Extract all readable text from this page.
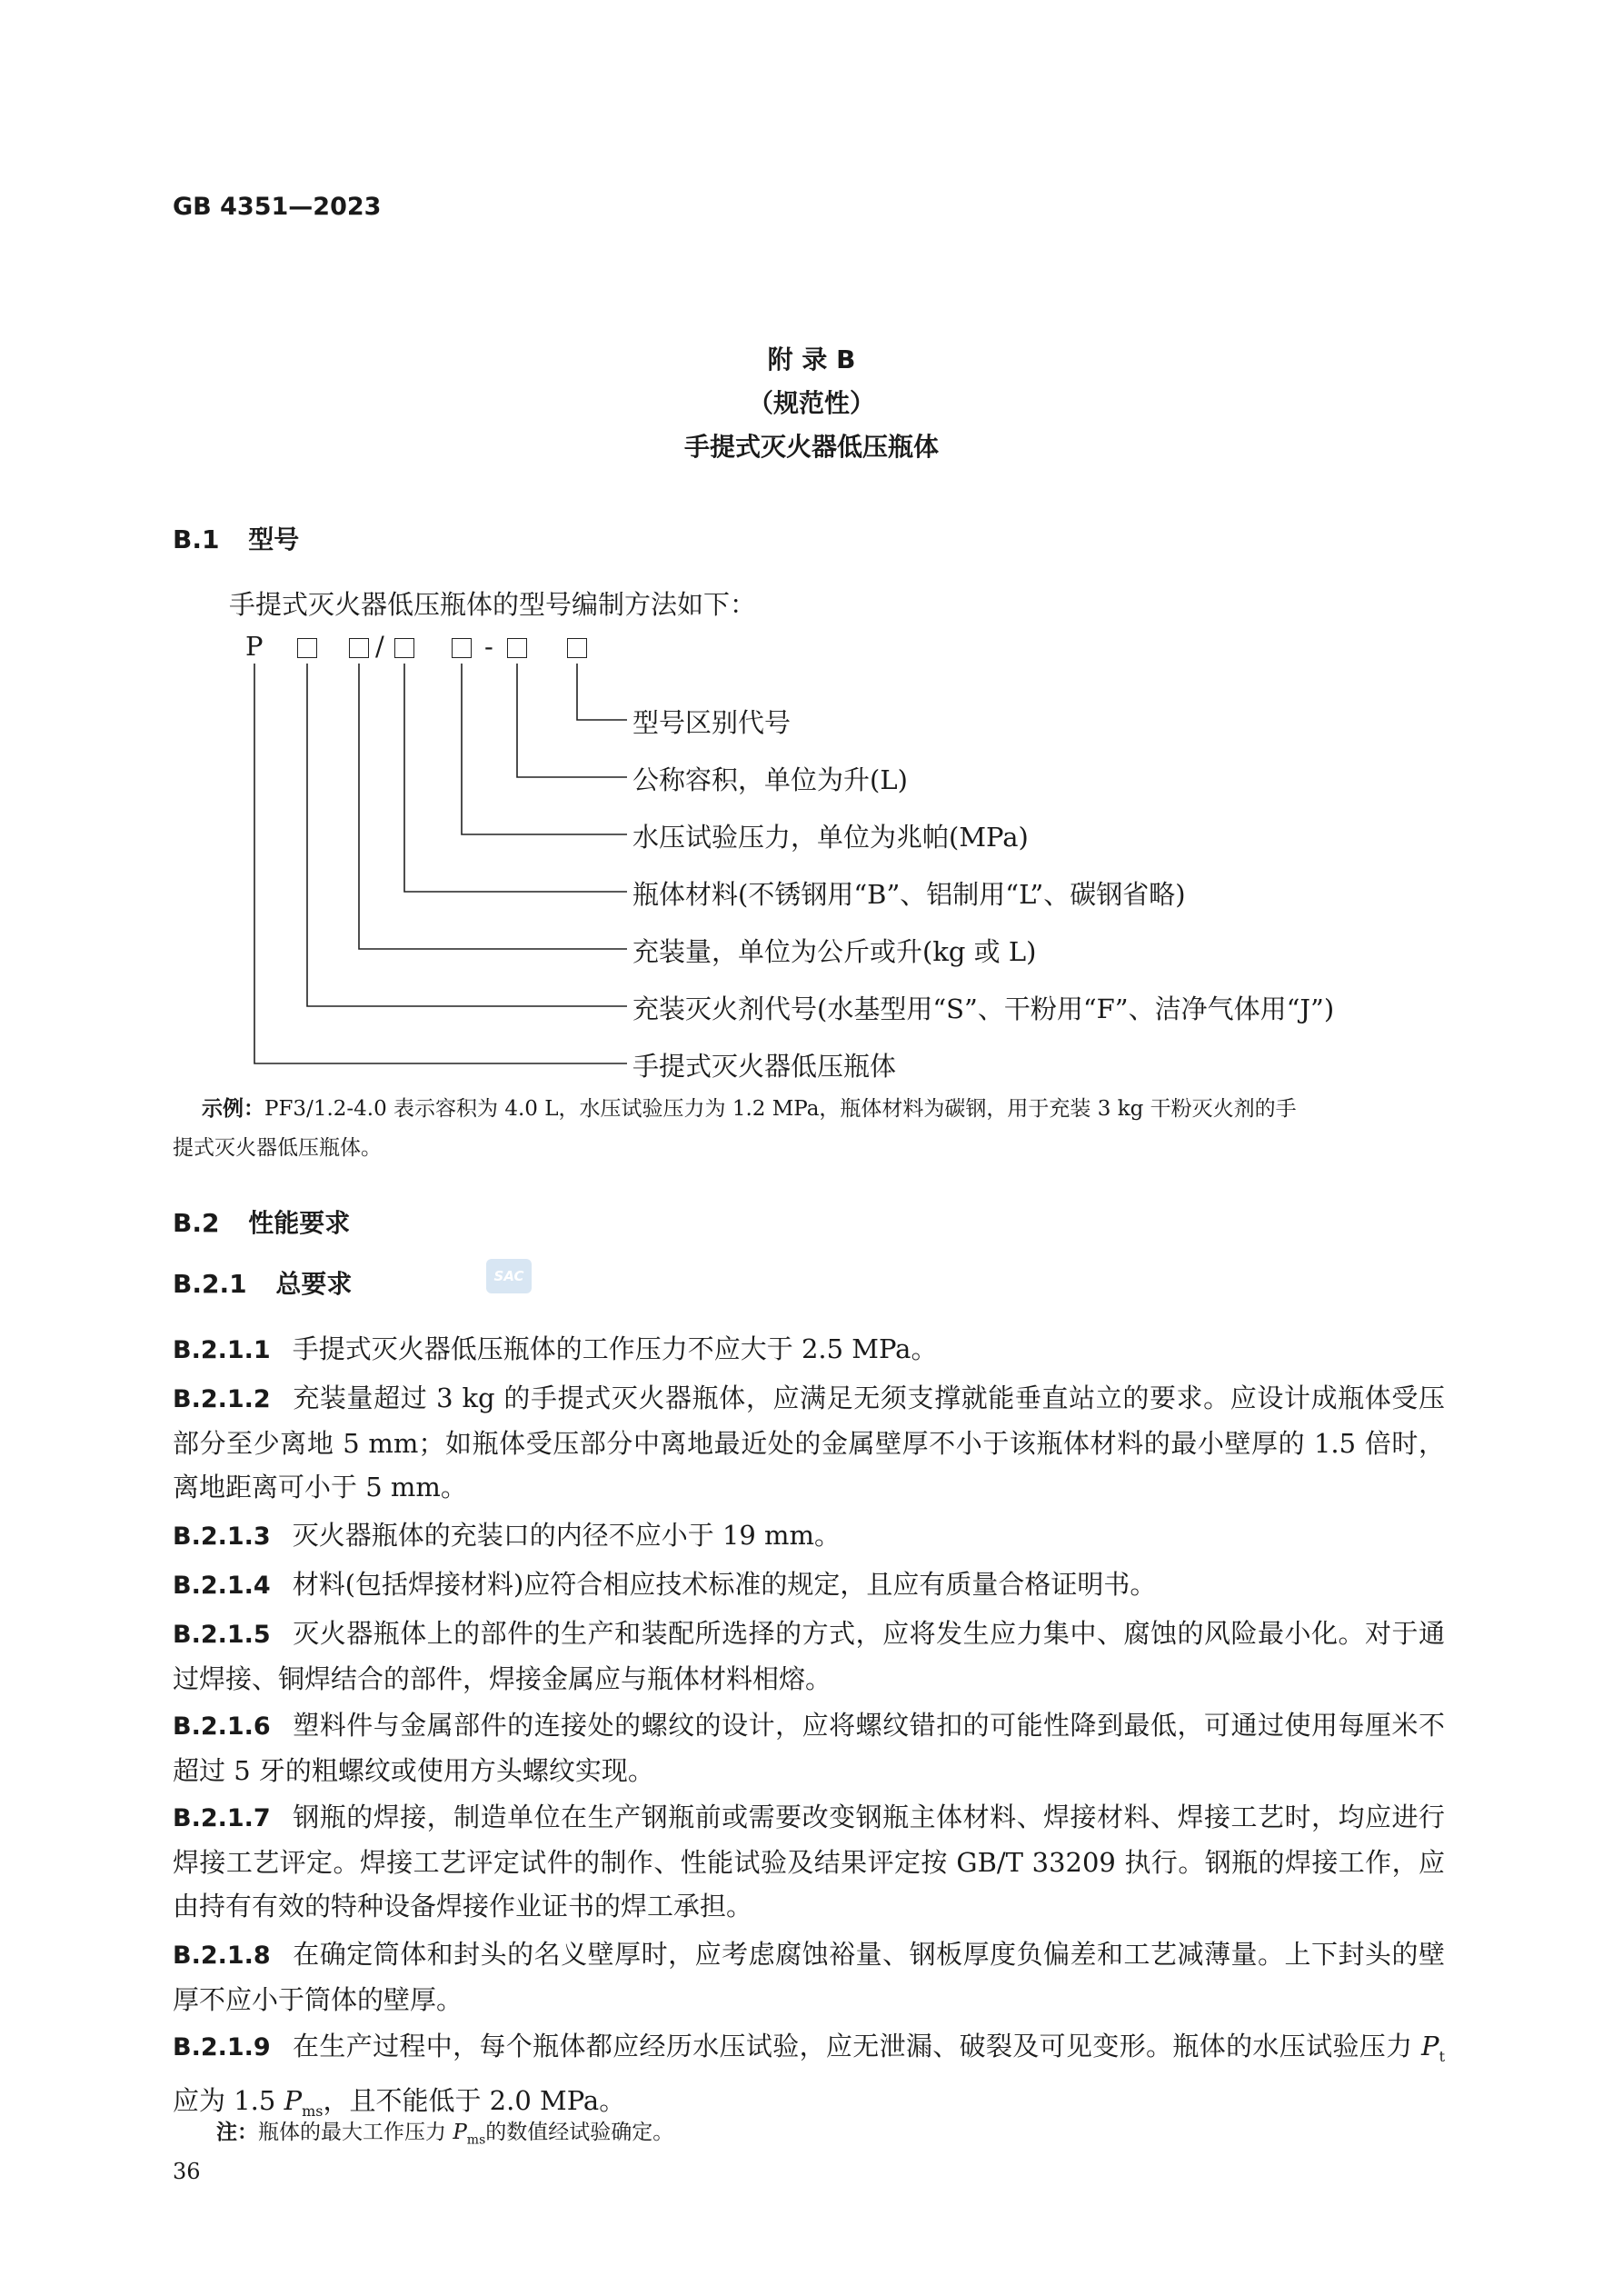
GB 4351—2023
附 录 B
（规范性）
手提式灭火器低压瓶体
B.1 型号
手提式灭火器低压瓶体的型号编制方法如下：
P	/	-
型号区别代号
公称容积，单位为升(L)
水压试验压力，单位为兆帕(MPa)
瓶体材料(不锈钢用“B”、铝制用“L”、碳钢省略)
充装量，单位为公斤或升(kg 或 L)
充装灭火剂代号(水基型用“S”、干粉用“F”、洁净气体用“J”)
手提式灭火器低压瓶体
示例：PF3/1.2-4.0 表示容积为 4.0 L，水压试验压力为 1.2 MPa，瓶体材料为碳钢，用于充装 3 kg 干粉灭火剂的手
提式灭火器低压瓶体。
B.2 性能要求
B.2.1 总要求	SAC
B.2.1.1 手提式灭火器低压瓶体的工作压力不应大于 2.5 MPa。
B.2.1.2 充装量超过 3 kg 的手提式灭火器瓶体，应满足无须支撑就能垂直站立的要求。应设计成瓶体受压部分至少离地 5 mm；如瓶体受压部分中离地最近处的金属壁厚不小于该瓶体材料的最小壁厚的 1.5 倍时，离地距离可小于 5 mm。
B.2.1.3 灭火器瓶体的充装口的内径不应小于 19 mm。
B.2.1.4 材料(包括焊接材料)应符合相应技术标准的规定，且应有质量合格证明书。
B.2.1.5 灭火器瓶体上的部件的生产和装配所选择的方式，应将发生应力集中、腐蚀的风险最小化。对于通过焊接、铜焊结合的部件，焊接金属应与瓶体材料相熔。
B.2.1.6 塑料件与金属部件的连接处的螺纹的设计，应将螺纹错扣的可能性降到最低，可通过使用每厘米不超过 5 牙的粗螺纹或使用方头螺纹实现。
B.2.1.7 钢瓶的焊接，制造单位在生产钢瓶前或需要改变钢瓶主体材料、焊接材料、焊接工艺时，均应进行焊接工艺评定。焊接工艺评定试件的制作、性能试验及结果评定按 GB/T 33209 执行。钢瓶的焊接工作，应由持有有效的特种设备焊接作业证书的焊工承担。
B.2.1.8 在确定筒体和封头的名义壁厚时，应考虑腐蚀裕量、钢板厚度负偏差和工艺减薄量。上下封头的壁厚不应小于筒体的壁厚。
B.2.1.9 在生产过程中，每个瓶体都应经历水压试验，应无泄漏、破裂及可见变形。瓶体的水压试验压力 $P_t$ 应为 1.5 $P_{ms}$，且不能低于 2.0 MPa。
注：瓶体的最大工作压力 $P_{ms}$的数值经试验确定。
36
